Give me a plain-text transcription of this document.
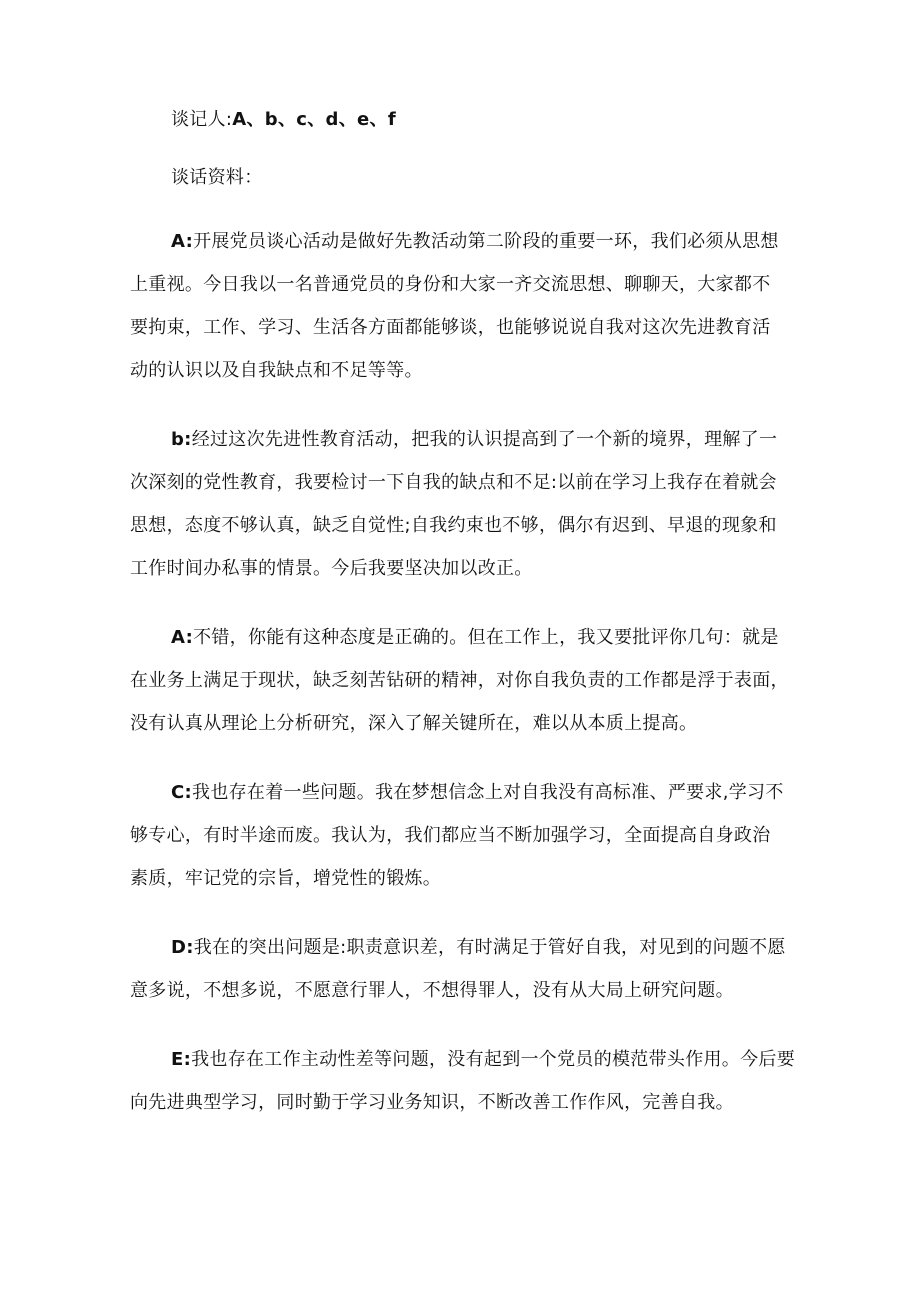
谈记人:A、b、c、d、e、f
谈话资料：
A:开展党员谈心活动是做好先教活动第二阶段的重要一环，我们必须从思想
上重视。今日我以一名普通党员的身份和大家一齐交流思想、聊聊天，大家都不
要拘束，工作、学习、生活各方面都能够谈，也能够说说自我对这次先进教育活
动的认识以及自我缺点和不足等等。
b:经过这次先进性教育活动，把我的认识提高到了一个新的境界，理解了一
次深刻的党性教育，我要检讨一下自我的缺点和不足:以前在学习上我存在着就会
思想，态度不够认真，缺乏自觉性;自我约束也不够，偶尔有迟到、早退的现象和
工作时间办私事的情景。今后我要坚决加以改正。
A:不错，你能有这种态度是正确的。但在工作上，我又要批评你几句：就是
在业务上满足于现状，缺乏刻苦钻研的精神，对你自我负责的工作都是浮于表面，
没有认真从理论上分析研究，深入了解关键所在，难以从本质上提高。
C:我也存在着一些问题。我在梦想信念上对自我没有高标准、严要求,学习不
够专心，有时半途而废。我认为，我们都应当不断加强学习，全面提高自身政治
素质，牢记党的宗旨，增党性的锻炼。
D:我在的突出问题是:职责意识差，有时满足于管好自我，对见到的问题不愿
意多说，不想多说，不愿意行罪人，不想得罪人，没有从大局上研究问题。
E:我也存在工作主动性差等问题，没有起到一个党员的模范带头作用。今后要
向先进典型学习，同时勤于学习业务知识，不断改善工作作风，完善自我。
